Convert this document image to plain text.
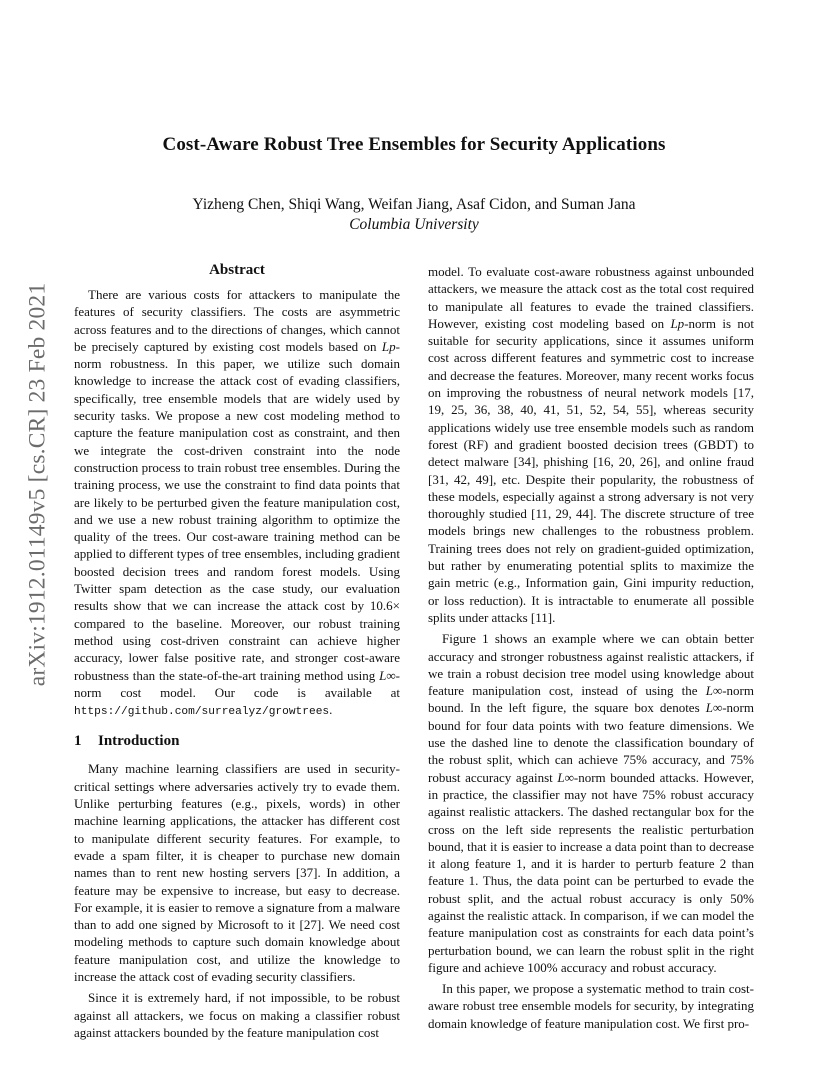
arXiv:1912.01149v5 [cs.CR] 23 Feb 2021
Cost-Aware Robust Tree Ensembles for Security Applications
Yizheng Chen, Shiqi Wang, Weifan Jiang, Asaf Cidon, and Suman Jana
Columbia University
Abstract

There are various costs for attackers to manipulate the features of security classifiers. The costs are asymmetric across features and to the directions of changes, which cannot be precisely captured by existing cost models based on Lp-norm robustness. In this paper, we utilize such domain knowledge to increase the attack cost of evading classifiers, specifically, tree ensemble models that are widely used by security tasks. We propose a new cost modeling method to capture the feature manipulation cost as constraint, and then we integrate the cost-driven constraint into the node construction process to train robust tree ensembles. During the training process, we use the constraint to find data points that are likely to be perturbed given the feature manipulation cost, and we use a new robust training algorithm to optimize the quality of the trees. Our cost-aware training method can be applied to different types of tree ensembles, including gradient boosted decision trees and random forest models. Using Twitter spam detection as the case study, our evaluation results show that we can increase the attack cost by 10.6× compared to the baseline. Moreover, our robust training method using cost-driven constraint can achieve higher accuracy, lower false positive rate, and stronger cost-aware robustness than the state-of-the-art training method using L∞-norm cost model. Our code is available at https://github.com/surrealyz/growtrees.

1 Introduction

Many machine learning classifiers are used in security-critical settings where adversaries actively try to evade them. Unlike perturbing features (e.g., pixels, words) in other machine learning applications, the attacker has different cost to manipulate different security features. For example, to evade a spam filter, it is cheaper to purchase new domain names than to rent new hosting servers [37]. In addition, a feature may be expensive to increase, but easy to decrease. For example, it is easier to remove a signature from a malware than to add one signed by Microsoft to it [27]. We need cost modeling methods to capture such domain knowledge about feature manipulation cost, and utilize the knowledge to increase the attack cost of evading security classifiers.

Since it is extremely hard, if not impossible, to be robust against all attackers, we focus on making a classifier robust against attackers bounded by the feature manipulation cost

model. To evaluate cost-aware robustness against unbounded attackers, we measure the attack cost as the total cost required to manipulate all features to evade the trained classifiers. However, existing cost modeling based on Lp-norm is not suitable for security applications, since it assumes uniform cost across different features and symmetric cost to increase and decrease the features. Moreover, many recent works focus on improving the robustness of neural network models [17, 19, 25, 36, 38, 40, 41, 51, 52, 54, 55], whereas security applications widely use tree ensemble models such as random forest (RF) and gradient boosted decision trees (GBDT) to detect malware [34], phishing [16, 20, 26], and online fraud [31, 42, 49], etc. Despite their popularity, the robustness of these models, especially against a strong adversary is not very thoroughly studied [11, 29, 44]. The discrete structure of tree models brings new challenges to the robustness problem. Training trees does not rely on gradient-guided optimization, but rather by enumerating potential splits to maximize the gain metric (e.g., Information gain, Gini impurity reduction, or loss reduction). It is intractable to enumerate all possible splits under attacks [11].

Figure 1 shows an example where we can obtain better accuracy and stronger robustness against realistic attackers, if we train a robust decision tree model using knowledge about feature manipulation cost, instead of using the L∞-norm bound. In the left figure, the square box denotes L∞-norm bound for four data points with two feature dimensions. We use the dashed line to denote the classification boundary of the robust split, which can achieve 75% accuracy, and 75% robust accuracy against L∞-norm bounded attacks. However, in practice, the classifier may not have 75% robust accuracy against realistic attackers. The dashed rectangular box for the cross on the left side represents the realistic perturbation bound, that it is easier to increase a data point than to decrease it along feature 1, and it is harder to perturb feature 2 than feature 1. Thus, the data point can be perturbed to evade the robust split, and the actual robust accuracy is only 50% against the realistic attack. In comparison, if we can model the feature manipulation cost as constraints for each data point’s perturbation bound, we can learn the robust split in the right figure and achieve 100% accuracy and robust accuracy.

In this paper, we propose a systematic method to train cost-aware robust tree ensemble models for security, by integrating domain knowledge of feature manipulation cost. We first pro-
